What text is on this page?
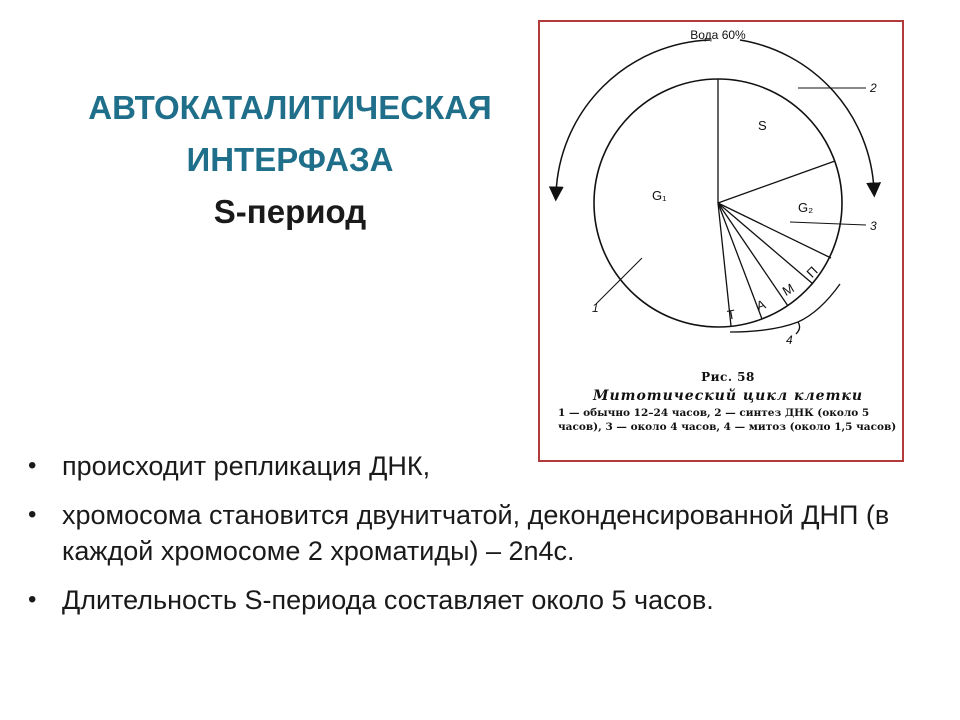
АВТОКАТАЛИТИЧЕСКАЯ
ИНТЕРФАЗА
S-период
Вода 60%
S
G₁
G₂
П
М
А
Т
1
2
3
4

Рис. 58

Митотический цикл клетки

1 — обычно 12–24 часов, 2 — синтез ДНК (около 5 часов), 3 — около 4 часов, 4 — митоз (около 1,5 часов)

• происходит репликация ДНК,
• хромосома становится двунитчатой, деконденсированной ДНП (в каждой хромосоме 2 хроматиды) – 2n4c.
• Длительность S-периода составляет около 5 часов.
